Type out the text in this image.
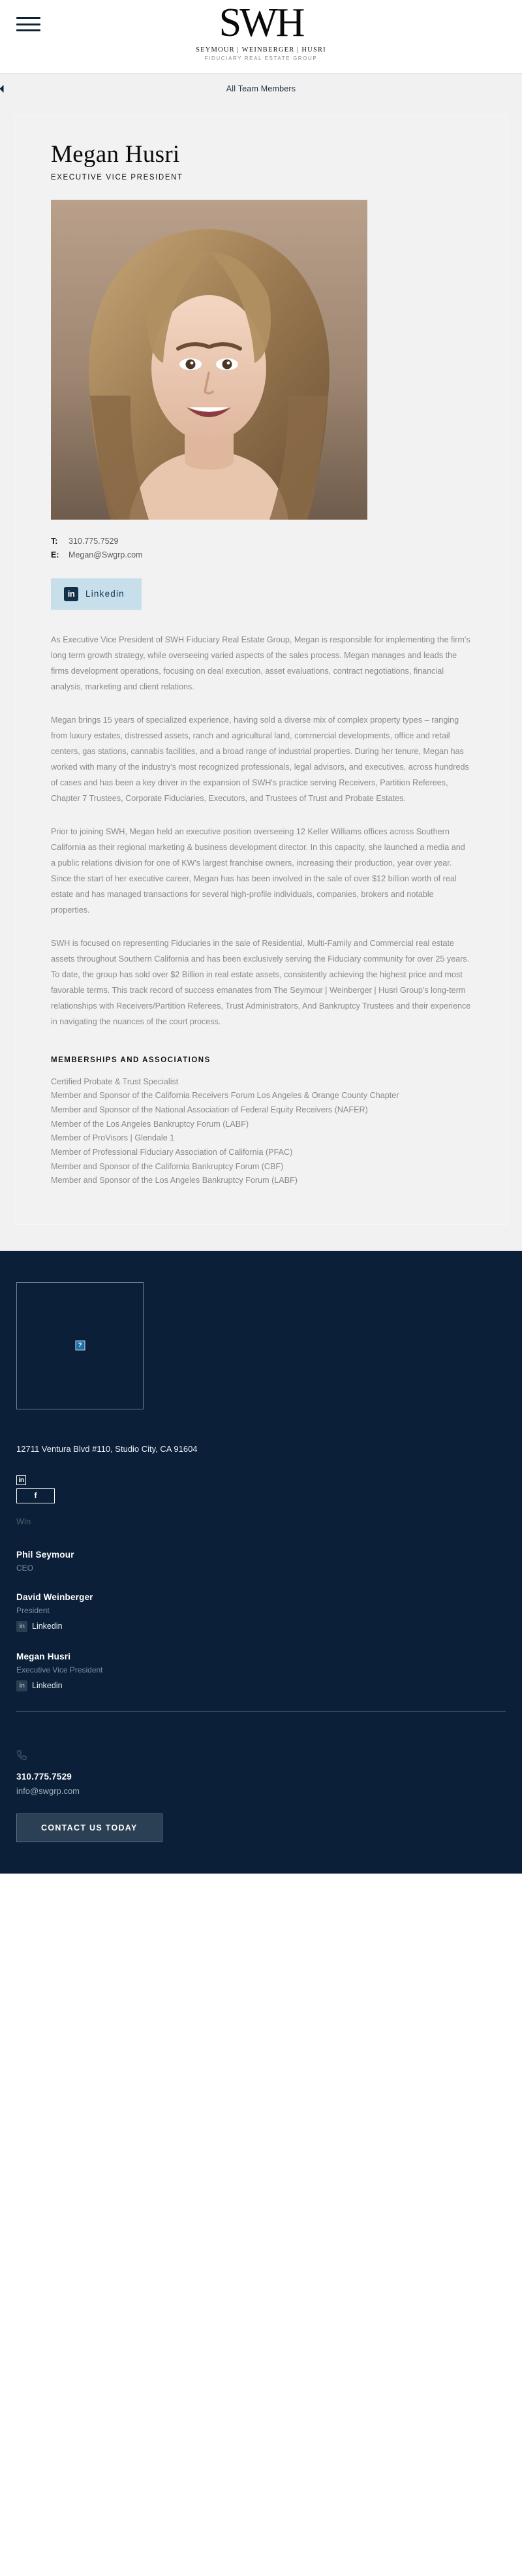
SWH
SEYMOUR | WEINBERGER | HUSRI
FIDUCIARY REAL ESTATE GROUP
All Team Members
Megan Husri
EXECUTIVE VICE PRESIDENT
T:	310.775.7529
E:	Megan@Swgrp.com
in	Linkedin

As Executive Vice President of SWH Fiduciary Real Estate Group, Megan is responsible for implementing the firm's long term growth strategy, while overseeing varied aspects of the sales process. Megan manages and leads the firms development operations, focusing on deal execution, asset evaluations, contract negotiations, financial analysis, marketing and client relations.

Megan brings 15 years of specialized experience, having sold a diverse mix of complex property types – ranging from luxury estates, distressed assets, ranch and agricultural land, commercial developments, office and retail centers, gas stations, cannabis facilities, and a broad range of industrial properties. During her tenure, Megan has worked with many of the industry's most recognized professionals, legal advisors, and executives, across hundreds of cases and has been a key driver in the expansion of SWH's practice serving Receivers, Partition Referees, Chapter 7 Trustees, Corporate Fiduciaries, Executors, and Trustees of Trust and Probate Estates.

Prior to joining SWH, Megan held an executive position overseeing 12 Keller Williams offices across Southern California as their regional marketing & business development director. In this capacity, she launched a media and a public relations division for one of KW's largest franchise owners, increasing their production, year over year. Since the start of her executive career, Megan has has been involved in the sale of over $12 billion worth of real estate and has managed transactions for several high-profile individuals, companies, brokers and notable properties.

SWH is focused on representing Fiduciaries in the sale of Residential, Multi-Family and Commercial real estate assets throughout Southern California and has been exclusively serving the Fiduciary community for over 25 years. To date, the group has sold over $2 Billion in real estate assets, consistently achieving the highest price and most favorable terms. This track record of success emanates from The Seymour | Weinberger | Husri Group's long-term relationships with Receivers/Partition Referees, Trust Administrators, And Bankruptcy Trustees and their experience in navigating the nuances of the court process.

MEMBERSHIPS AND ASSOCIATIONS
Certified Probate & Trust Specialist
Member and Sponsor of the California Receivers Forum Los Angeles & Orange County Chapter
Member and Sponsor of the National Association of Federal Equity Receivers (NAFER)
Member of the Los Angeles Bankruptcy Forum (LABF)
Member of ProVisors | Glendale 1
Member of Professional Fiduciary Association of California (PFAC)
Member and Sponsor of the California Bankruptcy Forum (CBF)
Member and Sponsor of the Los Angeles Bankruptcy Forum (LABF)
?
12711 Ventura Blvd #110, Studio City, CA 91604
in
f
WIn
Phil Seymour
CEO
David Weinberger
President
in Linkedin
Megan Husri
Executive Vice President
in Linkedin
310.775.7529
info@swgrp.com
CONTACT US TODAY
